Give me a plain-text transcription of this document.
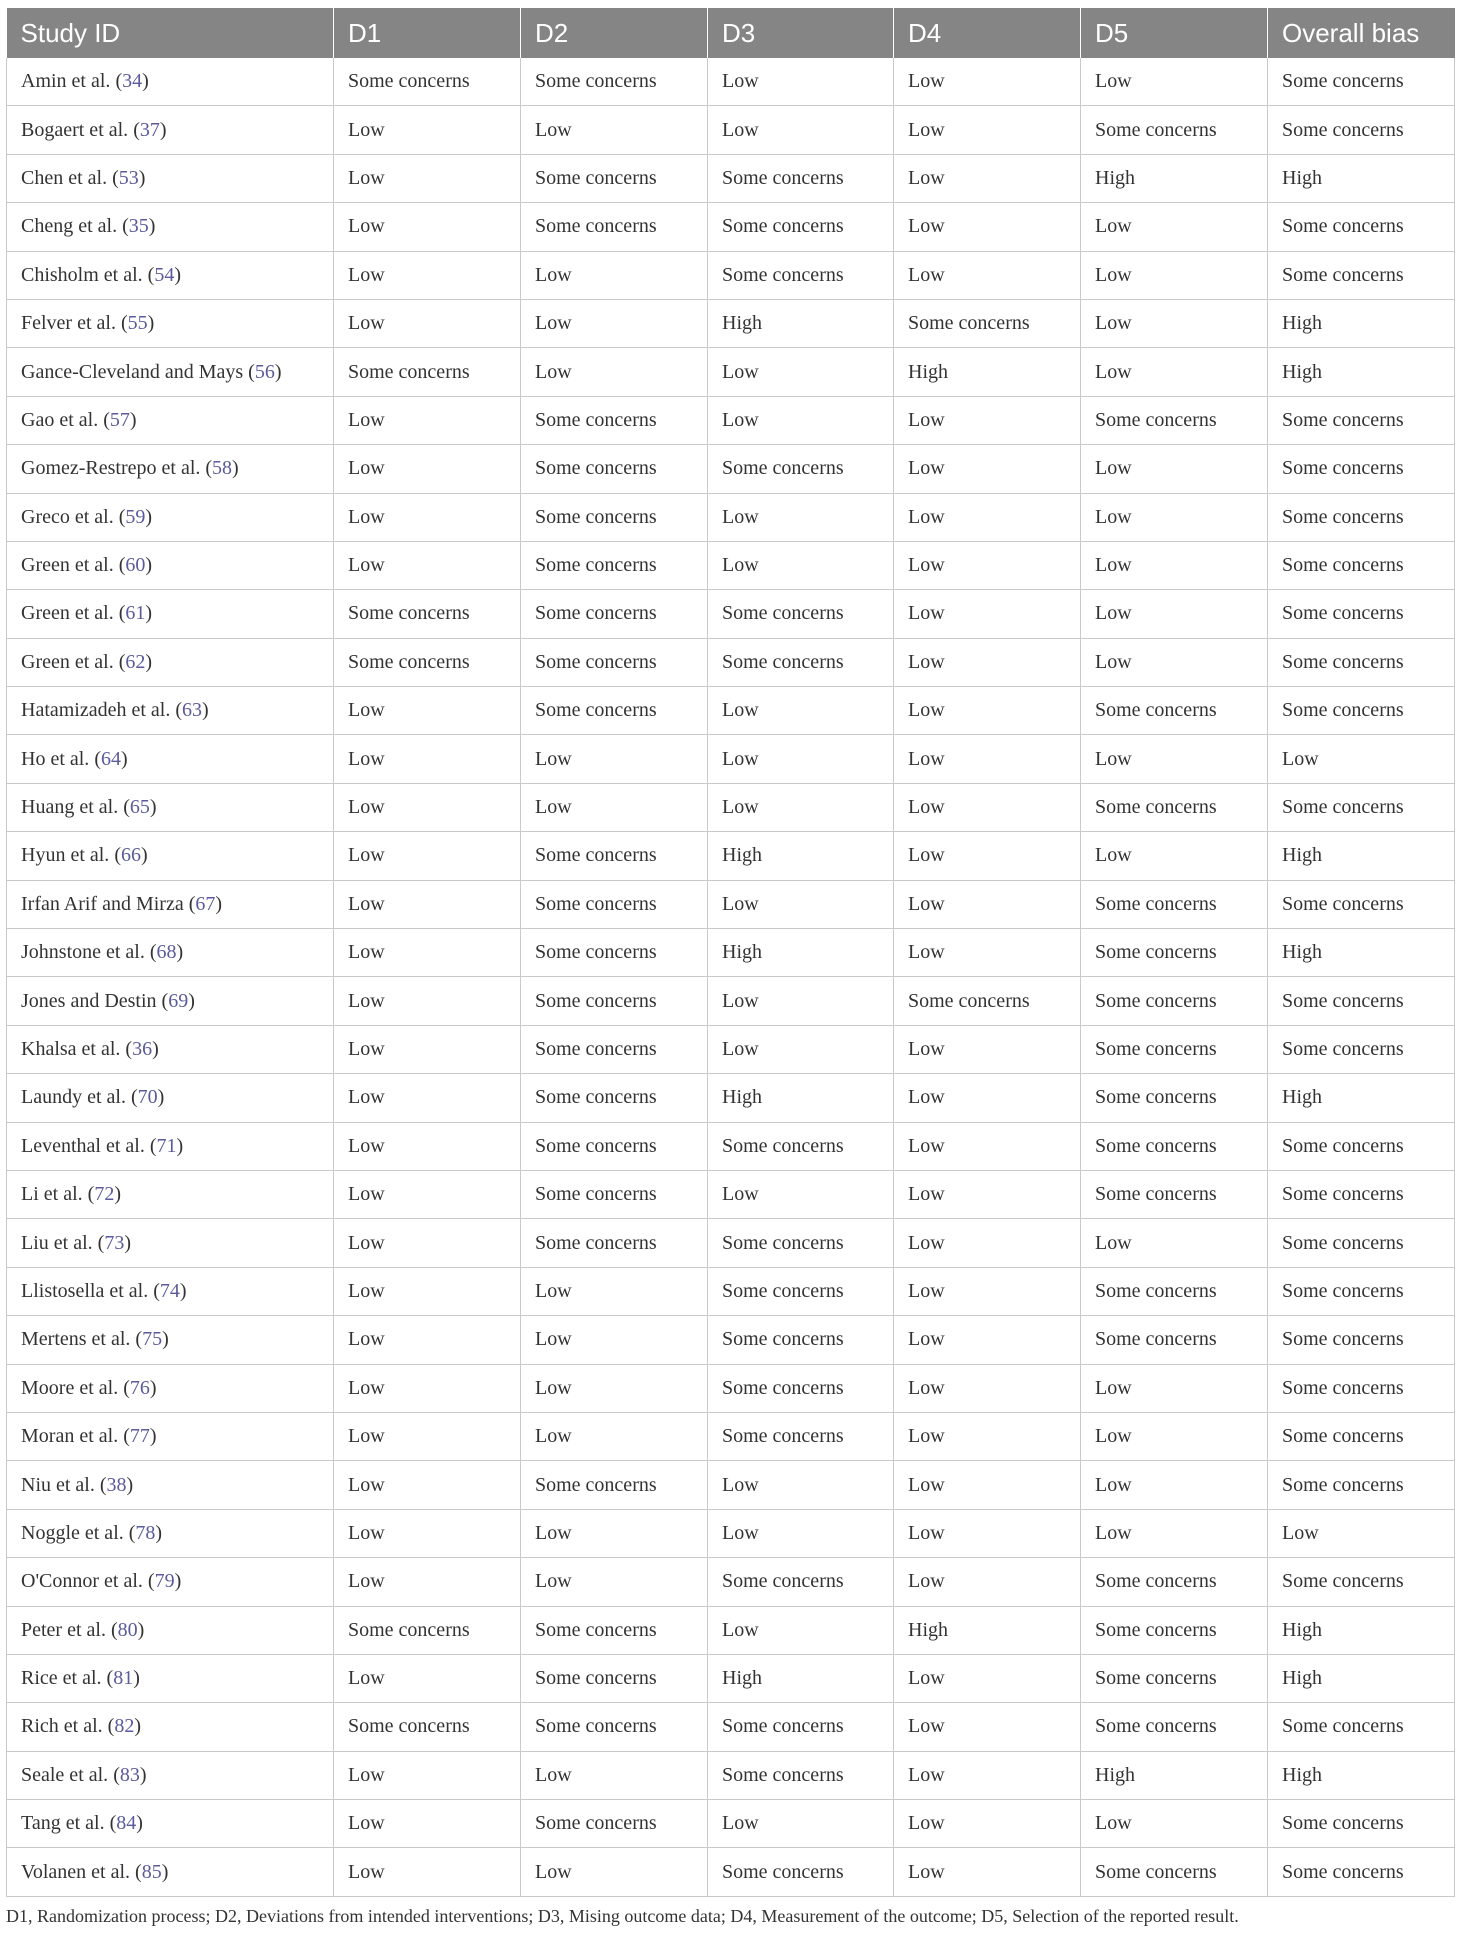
Study ID	D1	D2	D3	D4	D5	Overall bias
Amin et al. (34)	Some concerns	Some concerns	Low	Low	Low	Some concerns
Bogaert et al. (37)	Low	Low	Low	Low	Some concerns	Some concerns
Chen et al. (53)	Low	Some concerns	Some concerns	Low	High	High
Cheng et al. (35)	Low	Some concerns	Some concerns	Low	Low	Some concerns
Chisholm et al. (54)	Low	Low	Some concerns	Low	Low	Some concerns
Felver et al. (55)	Low	Low	High	Some concerns	Low	High
Gance-Cleveland and Mays (56)	Some concerns	Low	Low	High	Low	High
Gao et al. (57)	Low	Some concerns	Low	Low	Some concerns	Some concerns
Gomez-Restrepo et al. (58)	Low	Some concerns	Some concerns	Low	Low	Some concerns
Greco et al. (59)	Low	Some concerns	Low	Low	Low	Some concerns
Green et al. (60)	Low	Some concerns	Low	Low	Low	Some concerns
Green et al. (61)	Some concerns	Some concerns	Some concerns	Low	Low	Some concerns
Green et al. (62)	Some concerns	Some concerns	Some concerns	Low	Low	Some concerns
Hatamizadeh et al. (63)	Low	Some concerns	Low	Low	Some concerns	Some concerns
Ho et al. (64)	Low	Low	Low	Low	Low	Low
Huang et al. (65)	Low	Low	Low	Low	Some concerns	Some concerns
Hyun et al. (66)	Low	Some concerns	High	Low	Low	High
Irfan Arif and Mirza (67)	Low	Some concerns	Low	Low	Some concerns	Some concerns
Johnstone et al. (68)	Low	Some concerns	High	Low	Some concerns	High
Jones and Destin (69)	Low	Some concerns	Low	Some concerns	Some concerns	Some concerns
Khalsa et al. (36)	Low	Some concerns	Low	Low	Some concerns	Some concerns
Laundy et al. (70)	Low	Some concerns	High	Low	Some concerns	High
Leventhal et al. (71)	Low	Some concerns	Some concerns	Low	Some concerns	Some concerns
Li et al. (72)	Low	Some concerns	Low	Low	Some concerns	Some concerns
Liu et al. (73)	Low	Some concerns	Some concerns	Low	Low	Some concerns
Llistosella et al. (74)	Low	Low	Some concerns	Low	Some concerns	Some concerns
Mertens et al. (75)	Low	Low	Some concerns	Low	Some concerns	Some concerns
Moore et al. (76)	Low	Low	Some concerns	Low	Low	Some concerns
Moran et al. (77)	Low	Low	Some concerns	Low	Low	Some concerns
Niu et al. (38)	Low	Some concerns	Low	Low	Low	Some concerns
Noggle et al. (78)	Low	Low	Low	Low	Low	Low
O'Connor et al. (79)	Low	Low	Some concerns	Low	Some concerns	Some concerns
Peter et al. (80)	Some concerns	Some concerns	Low	High	Some concerns	High
Rice et al. (81)	Low	Some concerns	High	Low	Some concerns	High
Rich et al. (82)	Some concerns	Some concerns	Some concerns	Low	Some concerns	Some concerns
Seale et al. (83)	Low	Low	Some concerns	Low	High	High
Tang et al. (84)	Low	Some concerns	Low	Low	Low	Some concerns
Volanen et al. (85)	Low	Low	Some concerns	Low	Some concerns	Some concerns
D1, Randomization process; D2, Deviations from intended interventions; D3, Mising outcome data; D4, Measurement of the outcome; D5, Selection of the reported result.
